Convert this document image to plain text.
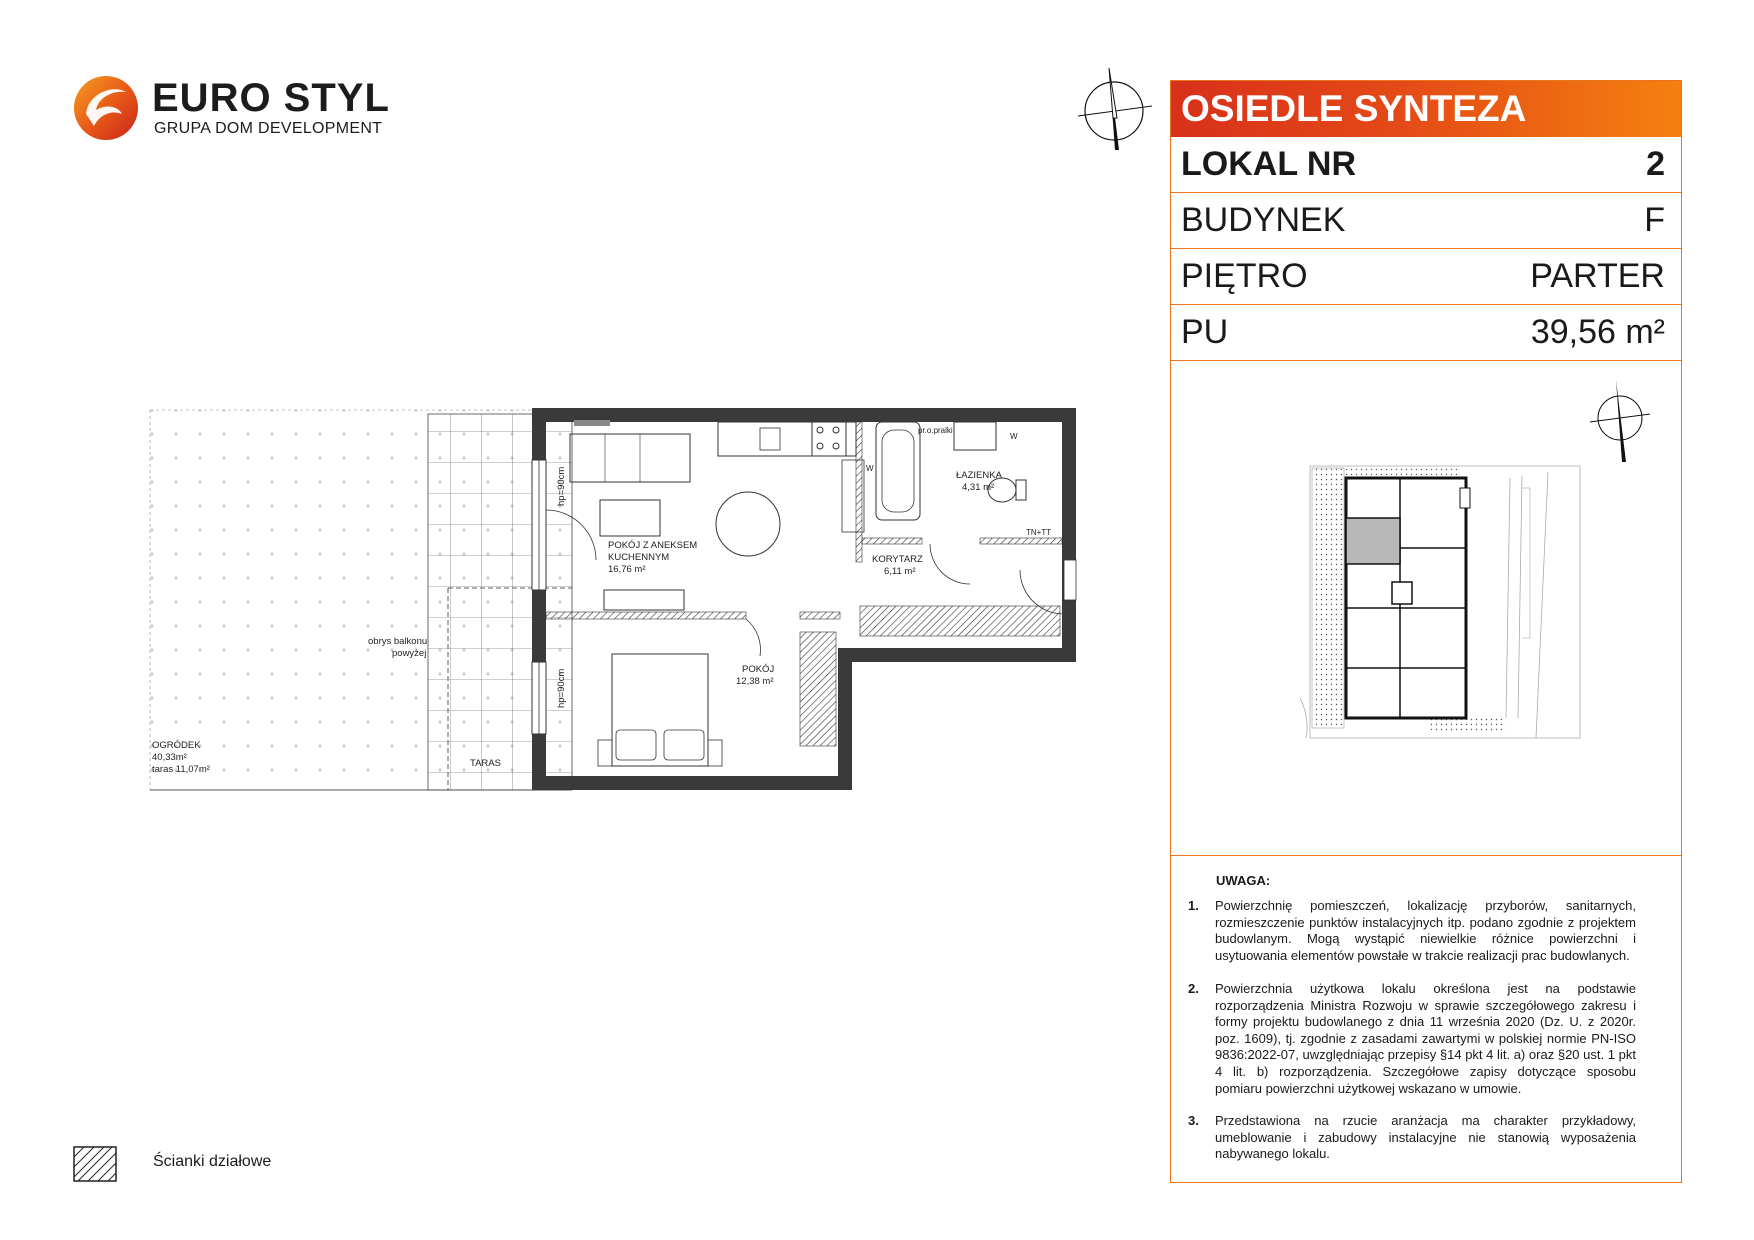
EURO STYL
GRUPA DOM DEVELOPMENT	OSIEDLE SYNTEZA
LOKAL NR	2
BUDYNEK	F
PIĘTRO	PARTER
PU	39,56 m²
UWAGA:
1. Powierzchnię pomieszczeń, lokalizację przyborów, sanitarnych, rozmieszczenie punktów instalacyjnych itp. podano zgodnie z projektem budowlanym. Mogą wystąpić niewielkie różnice powierzchni i usytuowania elementów powstałe w trakcie realizacji prac budowlanych.
2. Powierzchnia użytkowa lokalu określona jest na podstawie rozporządzenia Ministra Rozwoju w sprawie szczegółowego zakresu i formy projektu budowlanego z dnia 11 września 2020 (Dz. U. z 2020r. poz. 1609), tj. zgodnie z zasadami zawartymi w polskiej normie PN-ISO 9836:2022-07, uwzględniając przepisy §14 pkt 4 lit. a) oraz §20 ust. 1 pkt 4 lit. b) rozporządzenia. Szczegółowe zapisy dotyczące sposobu pomiaru powierzchni użytkowej wskazano w umowie.
3. Przedstawiona na rzucie aranżacja ma charakter przykładowy, umeblowanie i zabudowy instalacyjne nie stanowią wyposażenia nabywanego lokalu.
POKÓJ Z ANEKSEM
KUCHENNYM
16,76 m²
ŁAZIENKA
4,31 m²
KORYTARZ
6,11 m²
POKÓJ
12,38 m²
OGRÓDEK
40,33m²
taras 11,07m²
TARAS
obrys balkonu
powyżej
hp=90cm
hp=90cm
pr.o.pralki
W
W
TN+TT
Ścianki działowe
